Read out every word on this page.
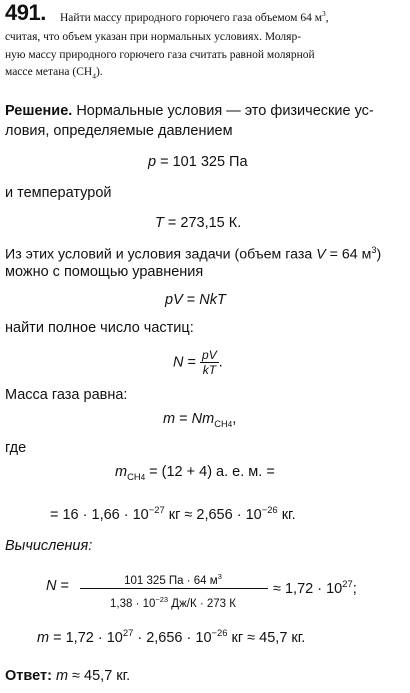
491. Найти массу природного горючего газа объемом 64 $м^3$,
считая, что объем указан при нормальных условиях. Моляр-
ную массу природного горючего газа считать равной молярной
массе метана $(CH_4)$.
Решение. Нормальные условия — это физические ус-
ловия, определяемые давлением
p = 101 325 Па
и температурой
T = 273,15 К.
Из этих условий и условия задачи (объем газа V = 64 $м^3$)
можно с помощью уравнения
pV = NkT
найти полное число частиц:
$N = \frac{pV}{kT}$ .
Масса газа равна:
$m = Nm_{CH4}$,
где
$m_{CH4} = (12 + 4)$ а. е. м. =
= $16 \cdot 1,66 \cdot 10^{-27}$ кг ≈ $2,656 \cdot 10^{-26}$ кг.
Вычисления:
N =	101 325 Па · 64 $м^3$
$1,38 \cdot 10^{-23}$ Дж/К · 273 К
≈ $1,72 \cdot 10^{27}$;
$m = 1,72 \cdot 10^{27} \cdot 2,656 \cdot 10^{-26}$ кг ≈ 45,7 кг.
Ответ: m ≈ 45,7 кг.
